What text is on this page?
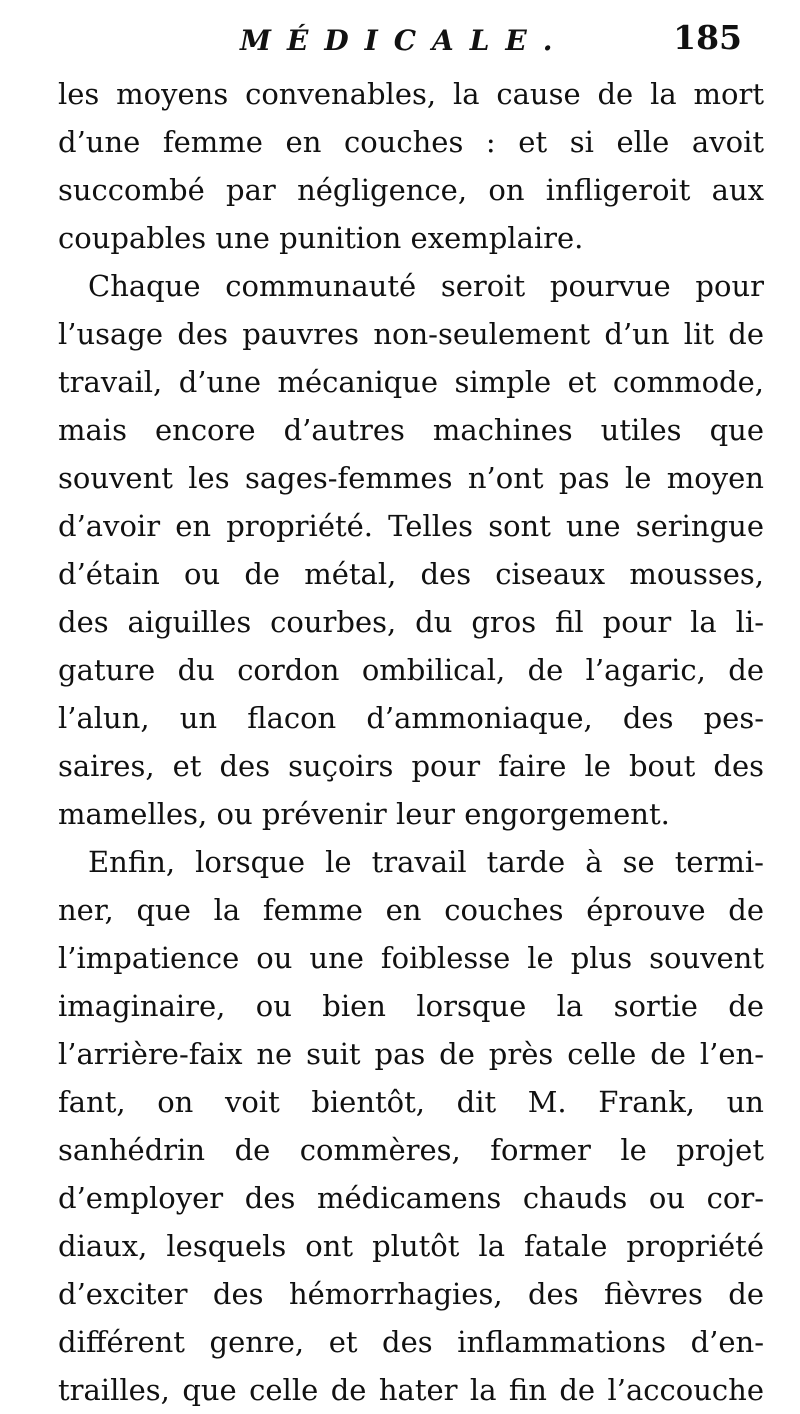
MÉDICALE.	185
les moyens convenables, la cause de la mort
d’une femme en couches : et si elle avoit
succombé par négligence, on infligeroit aux
coupables une punition exemplaire.
Chaque communauté seroit pourvue pour
l’usage des pauvres non-seulement d’un lit de
travail, d’une mécanique simple et commode,
mais encore d’autres machines utiles que
souvent les sages-femmes n’ont pas le moyen
d’avoir en propriété. Telles sont une seringue
d’étain ou de métal, des ciseaux mousses,
des aiguilles courbes, du gros fil pour la li-
gature du cordon ombilical, de l’agaric, de
l’alun, un flacon d’ammoniaque, des pes-
saires, et des suçoirs pour faire le bout des
mamelles, ou prévenir leur engorgement.
Enfin, lorsque le travail tarde à se termi-
ner, que la femme en couches éprouve de
l’impatience ou une foiblesse le plus souvent
imaginaire, ou bien lorsque la sortie de
l’arrière-faix ne suit pas de près celle de l’en-
fant, on voit bientôt, dit M. Frank, un
sanhédrin de commères, former le projet
d’employer des médicamens chauds ou cor-
diaux, lesquels ont plutôt la fatale propriété
d’exciter des hémorrhagies, des fièvres de
différent genre, et des inflammations d’en-
trailles, que celle de hater la fin de l’accouche
